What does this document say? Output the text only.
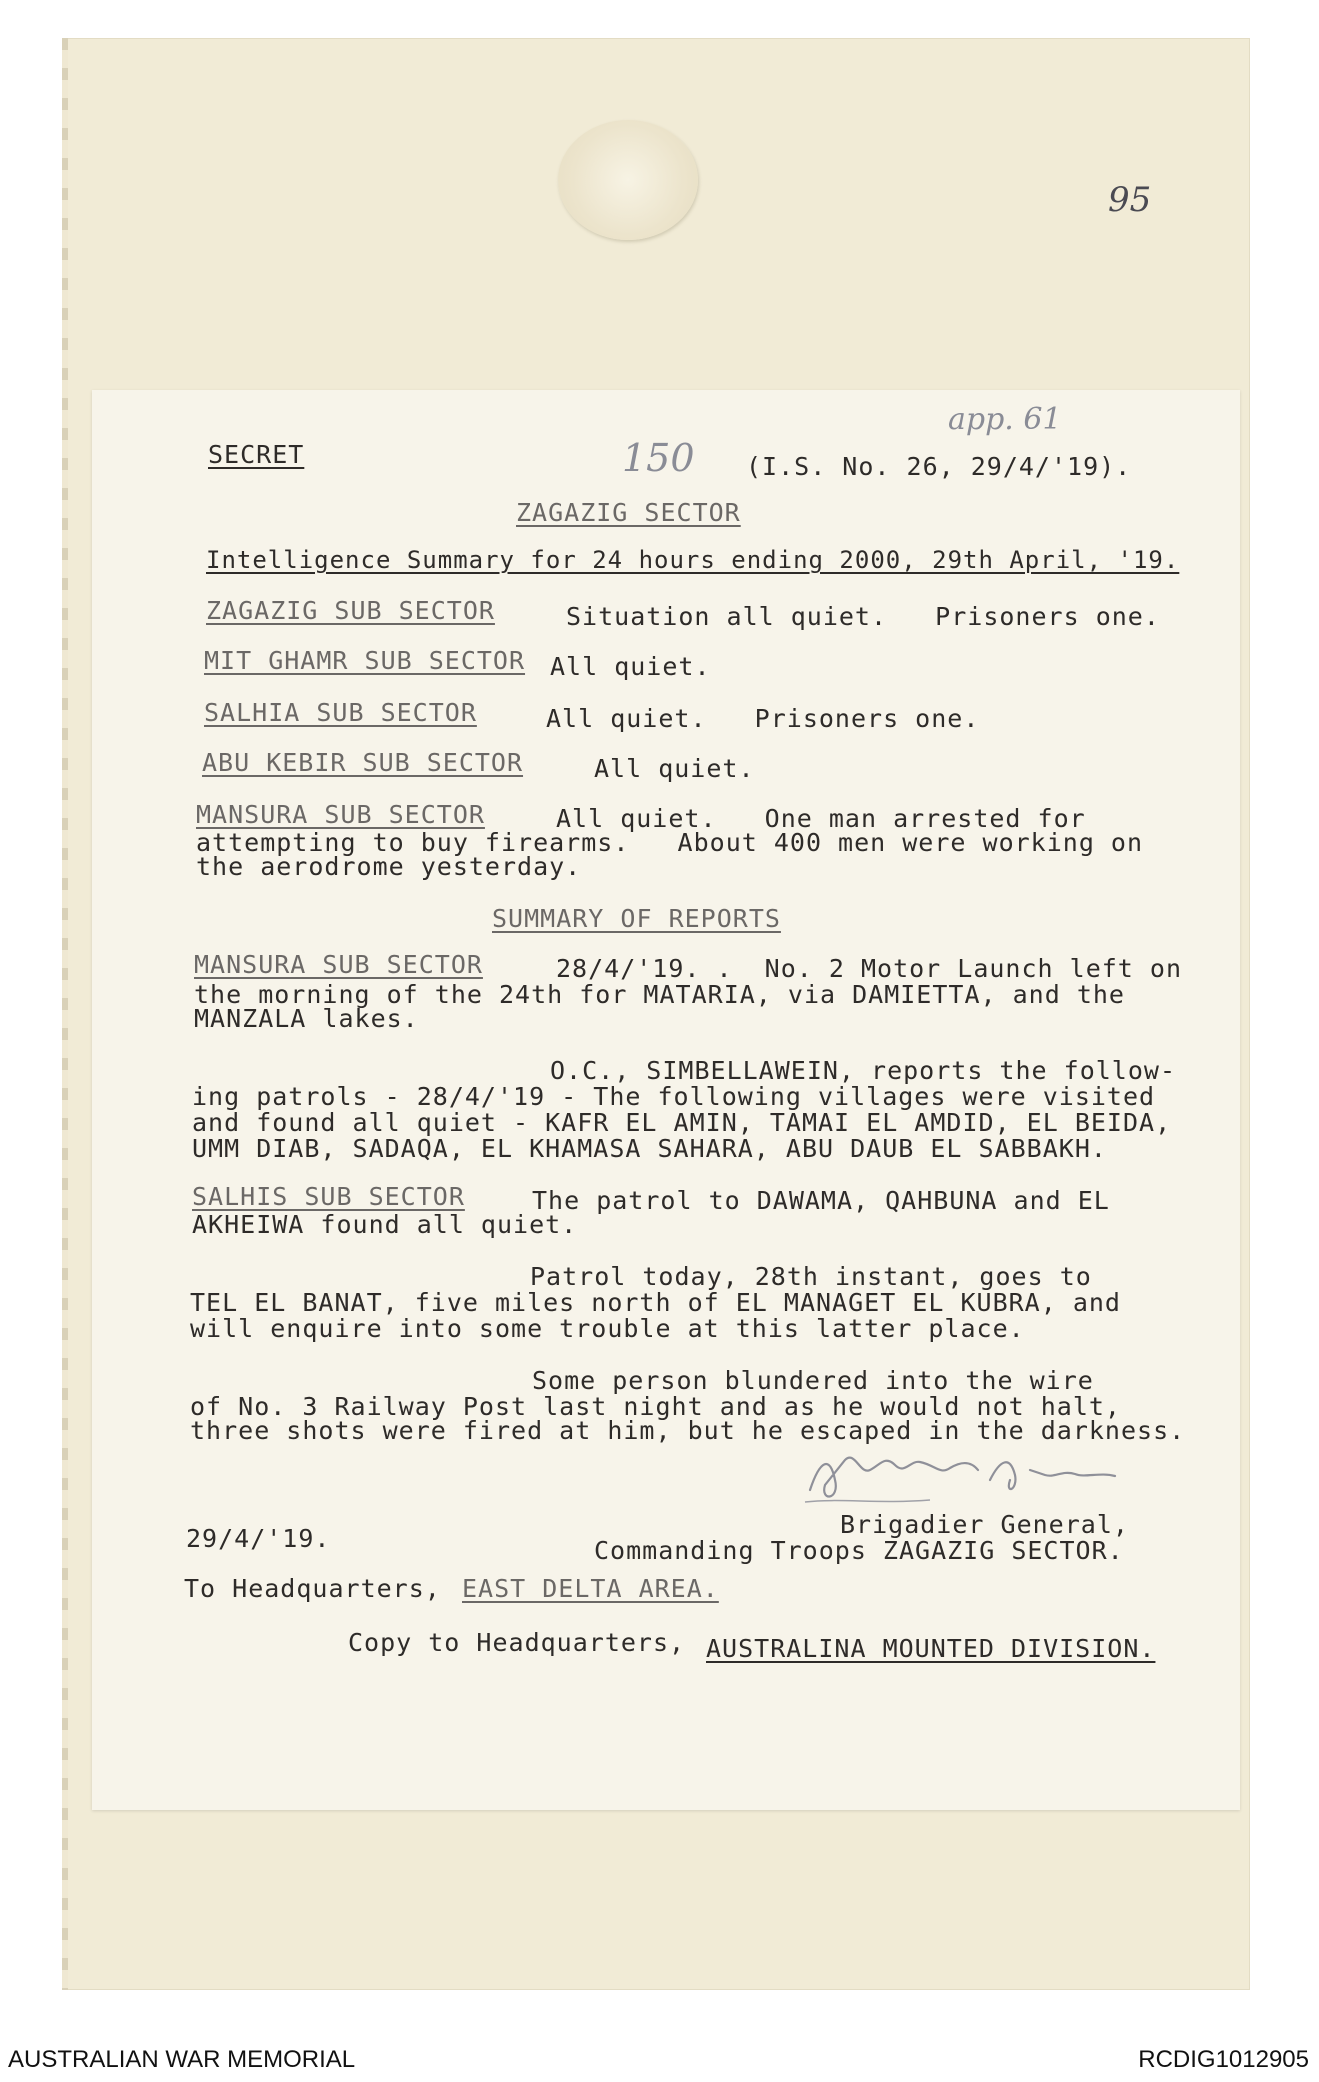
95
app. 61
150
SECRET	(I.S. No. 26, 29/4/'19).
ZAGAZIG SECTOR
Intelligence Summary for 24 hours ending 2000, 29th April, '19.
ZAGAZIG SUB SECTOR	Situation all quiet.   Prisoners one.
MIT GHAMR SUB SECTOR All quiet.
SALHIA SUB SECTOR	All quiet.   Prisoners one.
ABU KEBIR SUB SECTOR	All quiet.
MANSURA SUB SECTOR	All quiet.   One man arrested for
attempting to buy firearms.   About 400 men were working on
the aerodrome yesterday.
SUMMARY OF REPORTS
MANSURA SUB SECTOR	28/4/'19. .  No. 2 Motor Launch left on
the morning of the 24th for MATARIA, via DAMIETTA, and the
MANZALA lakes.
O.C., SIMBELLAWEIN, reports the follow-
ing patrols - 28/4/'19 - The following villages were visited
and found all quiet - KAFR EL AMIN, TAMAI EL AMDID, EL BEIDA,
UMM DIAB, SADAQA, EL KHAMASA SAHARA, ABU DAUB EL SABBAKH.
SALHIS SUB SECTOR	The patrol to DAWAMA, QAHBUNA and EL
AKHEIWA found all quiet.
Patrol today, 28th instant, goes to
TEL EL BANAT, five miles north of EL MANAGET EL KUBRA, and
will enquire into some trouble at this latter place.
Some person blundered into the wire
of No. 3 Railway Post last night and as he would not halt,
three shots were fired at him, but he escaped in the darkness.
Brigadier General,
29/4/'19.	Commanding Troops ZAGAZIG SECTOR.
To Headquarters, EAST DELTA AREA.
Copy to Headquarters, AUSTRALINA MOUNTED DIVISION.
AUSTRALIAN WAR MEMORIAL	RCDIG1012905
